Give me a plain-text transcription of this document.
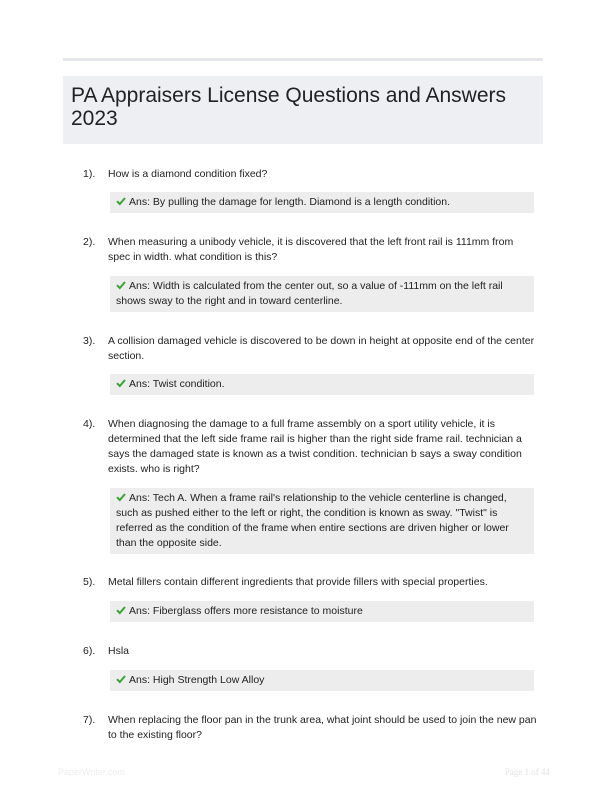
PA Appraisers License Questions and Answers 2023
1). How is a diamond condition fixed?
Ans: By pulling the damage for length. Diamond is a length condition.
2). When measuring a unibody vehicle, it is discovered that the left front rail is 111mm from spec in width. what condition is this?
Ans: Width is calculated from the center out, so a value of -111mm on the left rail shows sway to the right and in toward centerline.
3). A collision damaged vehicle is discovered to be down in height at opposite end of the center section.
Ans: Twist condition.
4). When diagnosing the damage to a full frame assembly on a sport utility vehicle, it is determined that the left side frame rail is higher than the right side frame rail. technician a says the damaged state is known as a twist condition. technician b says a sway condition exists. who is right?
Ans: Tech A. When a frame rail's relationship to the vehicle centerline is changed, such as pushed either to the left or right, the condition is known as sway. "Twist" is referred as the condition of the frame when entire sections are driven higher or lower than the opposite side.
5). Metal fillers contain different ingredients that provide fillers with special properties.
Ans: Fiberglass offers more resistance to moisture
6). Hsla
Ans: High Strength Low Alloy
7). When replacing the floor pan in the trunk area, what joint should be used to join the new pan to the existing floor?
PaperWriter.com	Page 1 of 44
